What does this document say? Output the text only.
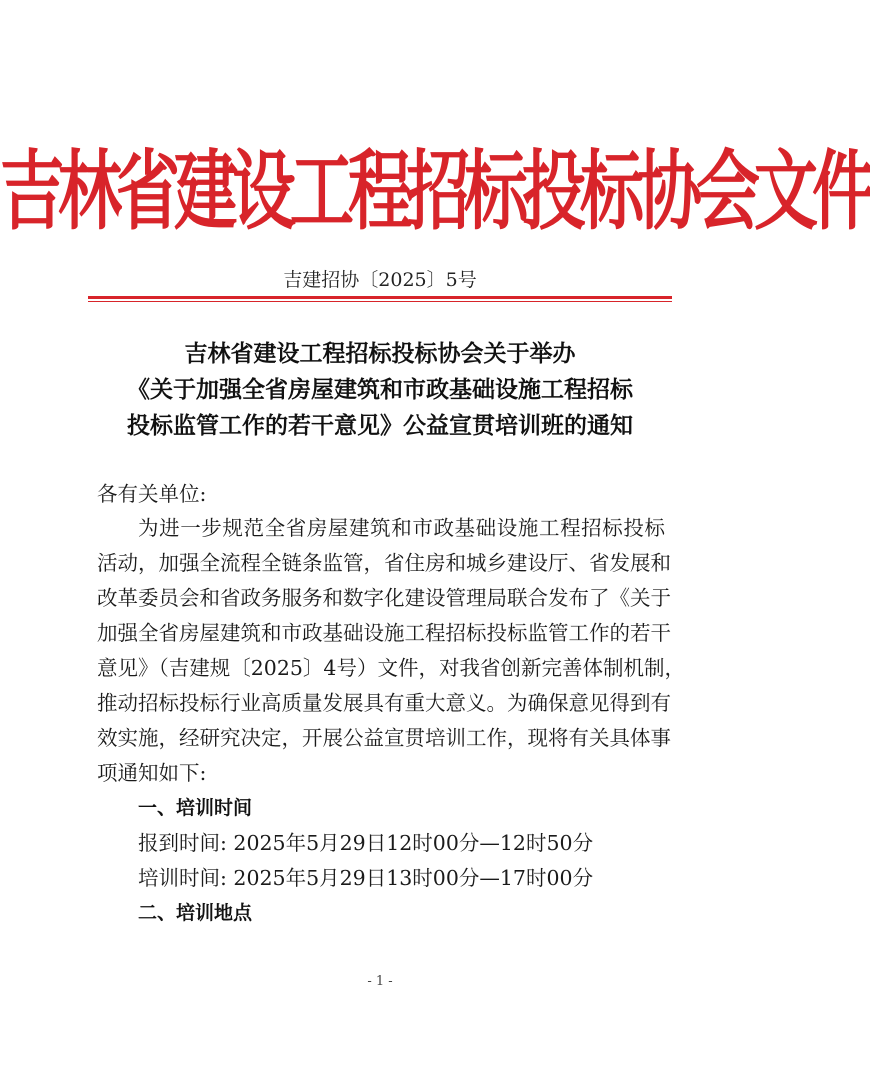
吉林省建设工程招标投标协会文件
吉建招协〔2025〕5号
吉林省建设工程招标投标协会关于举办
《关于加强全省房屋建筑和市政基础设施工程招标
投标监管工作的若干意见》公益宣贯培训班的通知
各有关单位:
为进一步规范全省房屋建筑和市政基础设施工程招标投标
活动，加强全流程全链条监管，省住房和城乡建设厅、省发展和
改革委员会和省政务服务和数字化建设管理局联合发布了《关于
加强全省房屋建筑和市政基础设施工程招标投标监管工作的若干
意见》（吉建规〔2025〕4号）文件，对我省创新完善体制机制，
推动招标投标行业高质量发展具有重大意义。为确保意见得到有
效实施，经研究决定，开展公益宣贯培训工作，现将有关具体事
项通知如下:
一、培训时间
报到时间: 2025年5月29日12时00分—12时50分
培训时间: 2025年5月29日13时00分—17时00分
二、培训地点
- 1 -
